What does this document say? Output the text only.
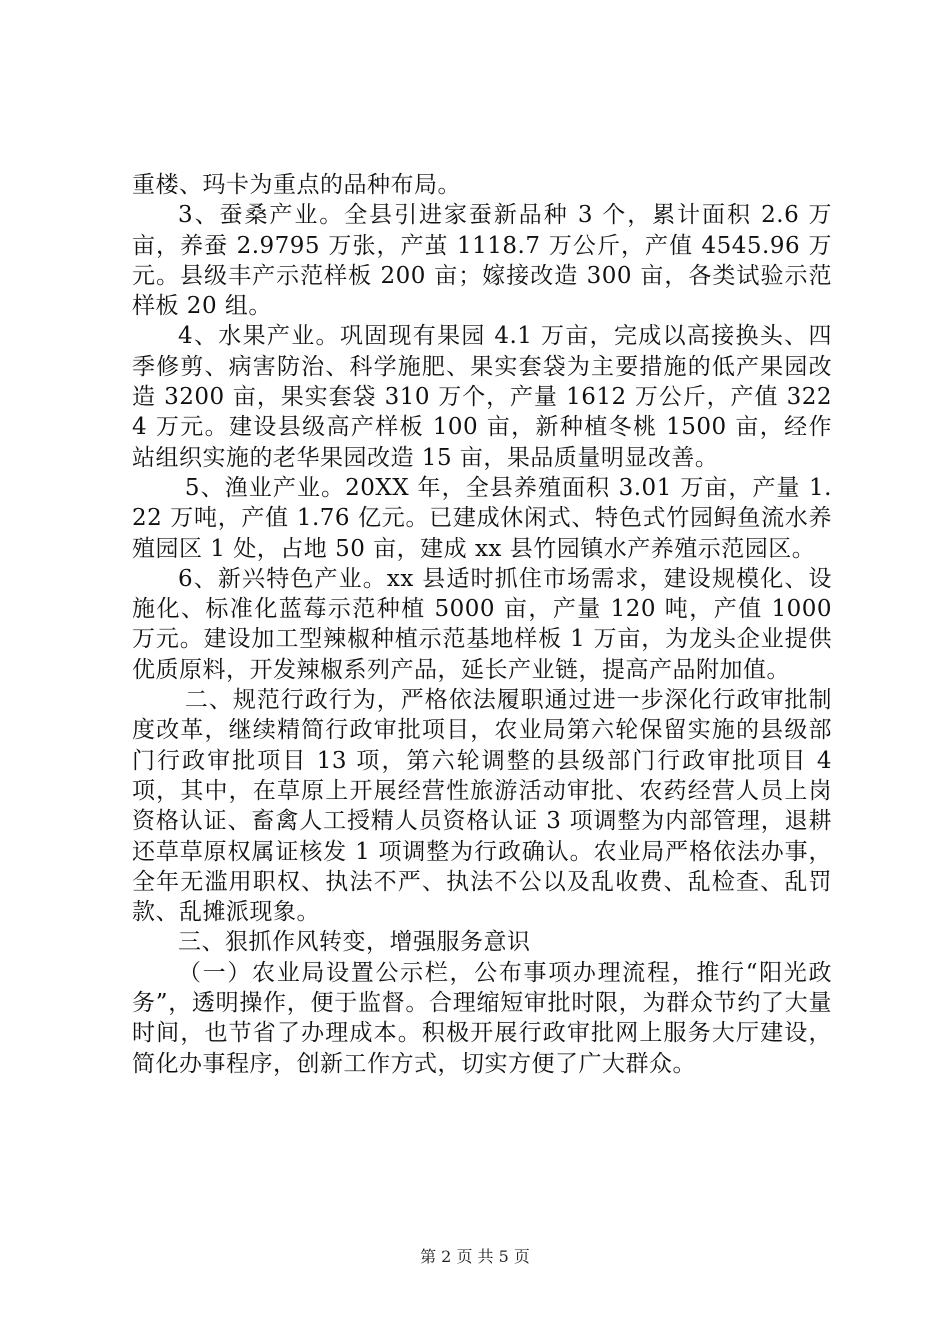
重楼、玛卡为重点的品种布局。

3、蚕桑产业。全县引进家蚕新品种 3 个，累计面积 2.6 万亩，养蚕 2.9795 万张，产茧 1118.7 万公斤，产值 4545.96 万元。县级丰产示范样板 200 亩；嫁接改造 300 亩，各类试验示范样板 20 组。

4、水果产业。巩固现有果园 4.1 万亩，完成以高接换头、四季修剪、病害防治、科学施肥、果实套袋为主要措施的低产果园改造 3200 亩，果实套袋 310 万个，产量 1612 万公斤，产值 3224 万元。建设县级高产样板 100 亩，新种植冬桃 1500 亩，经作站组织实施的老华果园改造 15 亩，果品质量明显改善。

5、渔业产业。20XX 年，全县养殖面积 3.01 万亩，产量 1.22 万吨，产值 1.76 亿元。已建成休闲式、特色式竹园鲟鱼流水养殖园区 1 处，占地 50 亩，建成 xx 县竹园镇水产养殖示范园区。

6、新兴特色产业。xx 县适时抓住市场需求，建设规模化、设施化、标准化蓝莓示范种植 5000 亩，产量 120 吨，产值 1000 万元。建设加工型辣椒种植示范基地样板 1 万亩，为龙头企业提供优质原料，开发辣椒系列产品，延长产业链，提高产品附加值。

二、规范行政行为，严格依法履职通过进一步深化行政审批制度改革，继续精简行政审批项目，农业局第六轮保留实施的县级部门行政审批项目 13 项，第六轮调整的县级部门行政审批项目 4 项，其中，在草原上开展经营性旅游活动审批、农药经营人员上岗资格认证、畜禽人工授精人员资格认证 3 项调整为内部管理，退耕还草草原权属证核发 1 项调整为行政确认。农业局严格依法办事，全年无滥用职权、执法不严、执法不公以及乱收费、乱检查、乱罚款、乱摊派现象。

三、狠抓作风转变，增强服务意识

（一）农业局设置公示栏，公布事项办理流程，推行“阳光政务”，透明操作，便于监督。合理缩短审批时限，为群众节约了大量时间，也节省了办理成本。积极开展行政审批网上服务大厅建设，简化办事程序，创新工作方式，切实方便了广大群众。

第 2 页 共 5 页
